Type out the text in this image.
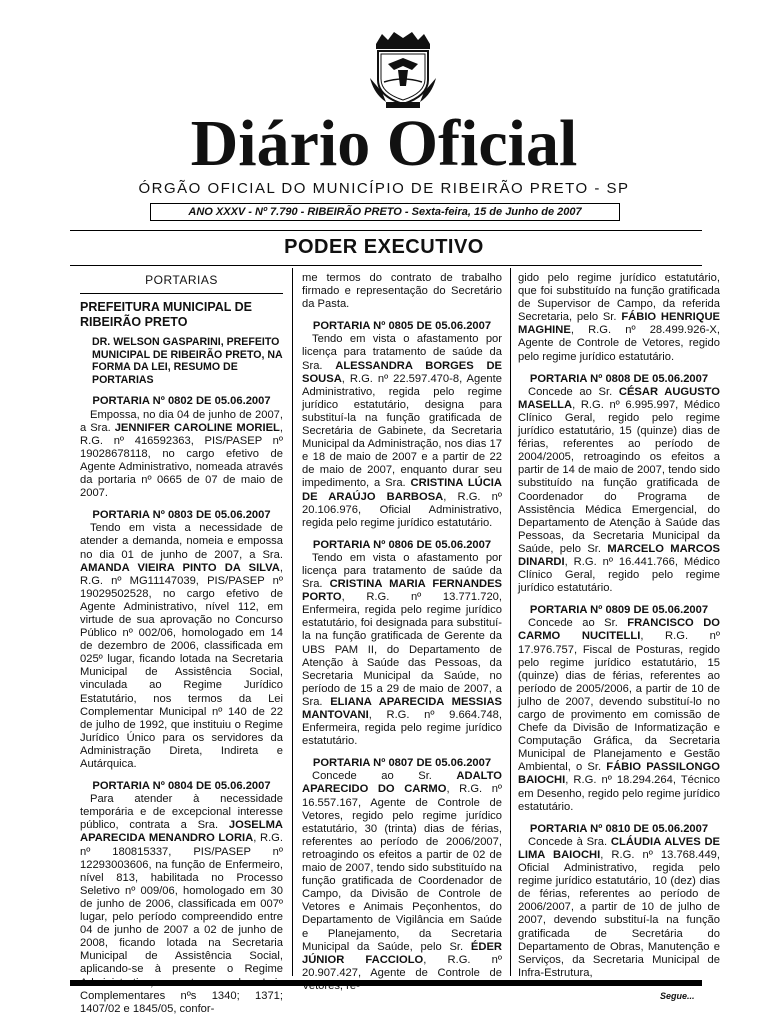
Diário Oficial
ÓRGÃO OFICIAL DO MUNICÍPIO DE RIBEIRÃO PRETO - SP
ANO XXXV - Nº 7.790 - RIBEIRÃO PRETO - Sexta-feira, 15 de Junho de 2007
PODER EXECUTIVO

PORTARIAS

PREFEITURA MUNICIPAL DE RIBEIRÃO PRETO

DR. WELSON GASPARINI, PREFEITO MUNICIPAL DE RIBEIRÃO PRETO, NA FORMA DA LEI, RESUMO DE PORTARIAS

PORTARIA Nº 0802 DE 05.06.2007

Empossa, no dia 04 de junho de 2007, a Sra. JENNIFER CAROLINE MORIEL, R.G. nº 416592363, PIS/PASEP nº 19028678118, no cargo efetivo de Agente Administrativo, nomeada através da portaria nº 0665 de 07 de maio de 2007.

PORTARIA Nº 0803 DE 05.06.2007

Tendo em vista a necessidade de atender a demanda, nomeia e empossa no dia 01 de junho de 2007, a Sra. AMANDA VIEIRA PINTO DA SILVA, R.G. nº MG11147039, PIS/PASEP nº 19029502528, no cargo efetivo de Agente Administrativo, nível 112, em virtude de sua aprovação no Concurso Público nº 002/06, homologado em 14 de dezembro de 2006, classificada em 025º lugar, ficando lotada na Secretaria Municipal de Assistência Social, vinculada ao Regime Jurídico Estatutário, nos termos da Lei Complementar Municipal nº 140 de 22 de julho de 1992, que instituiu o Regime Jurídico Único para os servidores da Administração Direta, Indireta e Autárquica.

PORTARIA Nº 0804 DE 05.06.2007

Para atender à necessidade temporária e de excepcional interesse público, contrata a Sra. JOSELMA APARECIDA MENANDRO LORIA, R.G. nº 180815337, PIS/PASEP nº 12293003606, na função de Enfermeiro, nível 813, habilitada no Processo Seletivo nº 009/06, homologado em 30 de junho de 2006, classificada em 007º lugar, pelo período compreendido entre 04 de junho de 2007 a 02 de junho de 2008, ficando lotada na Secretaria Municipal de Assistência Social, aplicando-se à presente o Regime Complementares nºs 1340; 1371; 1407/02 e 1845/05, confor-

me termos do contrato de trabalho firmado e representação do Secretário da Pasta.

PORTARIA Nº 0805 DE 05.06.2007

Tendo em vista o afastamento por licença para tratamento de saúde da Sra. ALESSANDRA BORGES DE SOUSA, R.G. nº 22.597.470-8, Agente Administrativo, regida pelo regime jurídico estatutário, designa para substituí-la na função gratificada de Secretária de Gabinete, da Secretaria Municipal da Administração, nos dias 17 e 18 de maio de 2007 e a partir de 22 de maio de 2007, enquanto durar seu impedimento, a Sra. CRISTINA LÚCIA DE ARAÚJO BARBOSA, R.G. nº 20.106.976, Oficial Administrativo, regida pelo regime jurídico estatutário.

PORTARIA Nº 0806 DE 05.06.2007

Tendo em vista o afastamento por licença para tratamento de saúde da Sra. CRISTINA MARIA FERNANDES PORTO, R.G. nº 13.771.720, Enfermeira, regida pelo regime jurídico estatutário, foi designada para substituí-la na função gratificada de Gerente da UBS PAM II, do Departamento de Atenção à Saúde das Pessoas, da Secretaria Municipal da Saúde, no período de 15 a 29 de maio de 2007, a Sra. ELIANA APARECIDA MESSIAS MANTOVANI, R.G. nº 9.664.748, Enfermeira, regida pelo regime jurídico estatutário.

PORTARIA Nº 0807 DE 05.06.2007

Concede ao Sr. ADALTO APARECIDO DO CARMO, R.G. nº 16.557.167, Agente de Controle de Vetores, regido pelo regime jurídico estatutário, 30 (trinta) dias de férias, referentes ao período de 2006/2007, retroagindo os efeitos a partir de 02 de maio de 2007, tendo sido substituído na função gratificada de Coordenador de Campo, da Divisão de Controle de Vetores e Animais Peçonhentos, do Departamento de Vigilância em Saúde e Planejamento, da Secretaria Municipal da Saúde, pelo Sr. ÉDER JÚNIOR FACCIOLO, R.G. nº 20.907.427, Agente de Controle de

gido pelo regime jurídico estatutário, que foi substituído na função gratificada de Supervisor de Campo, da referida Secretaria, pelo Sr. FÁBIO HENRIQUE MAGHINE, R.G. nº 28.499.926-X, Agente de Controle de Vetores, regido pelo regime jurídico estatutário.

PORTARIA Nº 0808 DE 05.06.2007

Concede ao Sr. CÉSAR AUGUSTO MASELLA, R.G. nº 6.995.997, Médico Clínico Geral, regido pelo regime jurídico estatutário, 15 (quinze) dias de férias, referentes ao período de 2004/2005, retroagindo os efeitos a partir de 14 de maio de 2007, tendo sido substituído na função gratificada de Coordenador do Programa de Assistência Médica Emergencial, do Departamento de Atenção à Saúde das Pessoas, da Secretaria Municipal da Saúde, pelo Sr. MARCELO MARCOS DINARDI, R.G. nº 16.441.766, Médico Clínico Geral, regido pelo regime jurídico estatutário.

PORTARIA Nº 0809 DE 05.06.2007

Concede ao Sr. FRANCISCO DO CARMO NUCITELLI, R.G. nº 17.976.757, Fiscal de Posturas, regido pelo regime jurídico estatutário, 15 (quinze) dias de férias, referentes ao período de 2005/2006, a partir de 10 de julho de 2007, devendo substituí-lo no cargo de provimento em comissão de Chefe da Divisão de Informatização e Computação Gráfica, da Secretaria Municipal de Planejamento e Gestão Ambiental, o Sr. FÁBIO PASSILONGO BAIOCHI, R.G. nº 18.294.264, Técnico em Desenho, regido pelo regime jurídico estatutário.

PORTARIA Nº 0810 DE 05.06.2007

Concede à Sra. CLÁUDIA ALVES DE LIMA BAIOCHI, R.G. nº 13.768.449, Oficial Administrativo, regida pelo regime jurídico estatutário, 10 (dez) dias de férias, referentes ao período de 2006/2007, a partir de 10 de julho de 2007, devendo substituí-la na função gratificada de Secretária do Departamento de Obras, Manutenção e Serviços, da Secretaria Municipal de Infra-Estrutura,

Segue...
